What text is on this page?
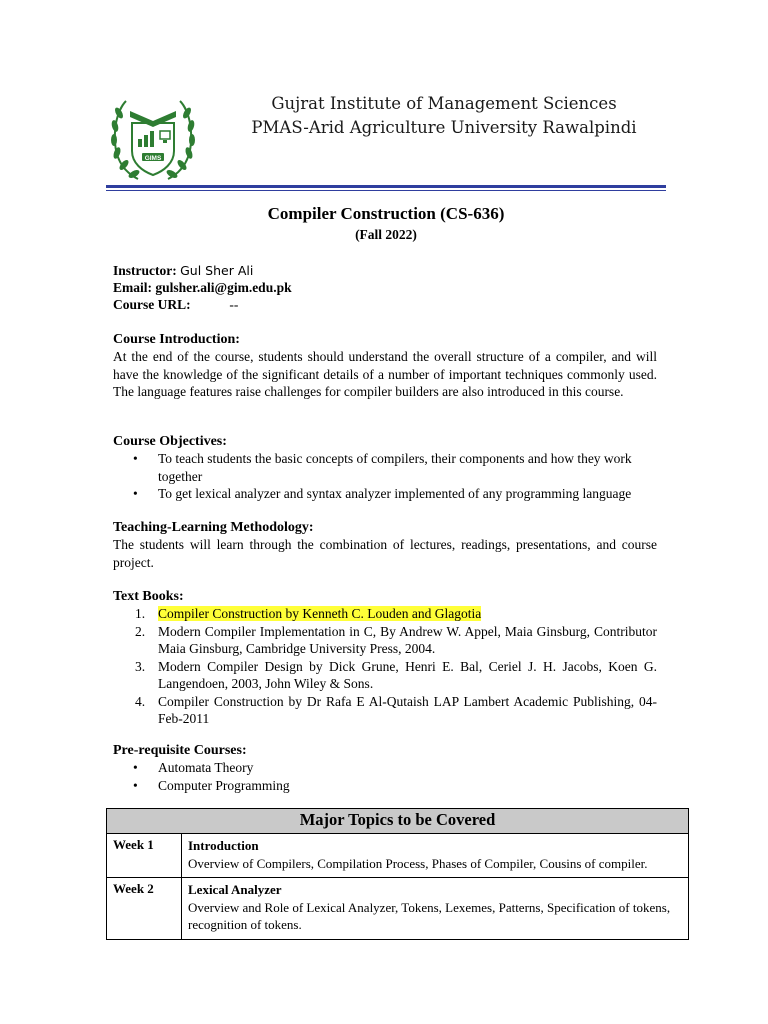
GIMS
Gujrat Institute of Management Sciences
PMAS-Arid Agriculture University Rawalpindi
Compiler Construction (CS-636)
(Fall 2022)
Instructor: Gul Sher Ali
Email: gulsher.ali@gim.edu.pk
Course URL:	--
Course Introduction:

At the end of the course, students should understand the overall structure of a compiler, and will have the knowledge of the significant details of a number of important techniques commonly used. The language features raise challenges for compiler builders are also introduced in this course.

Course Objectives:
• To teach students the basic concepts of compilers, their components and how they work together
• To get lexical analyzer and syntax analyzer implemented of any programming language
Teaching-Learning Methodology:

The students will learn through the combination of lectures, readings, presentations, and course project.

Text Books:
1. Compiler Construction by Kenneth C. Louden and Glagotia
2. Modern Compiler Implementation in C, By Andrew W. Appel, Maia Ginsburg, Contributor Maia Ginsburg, Cambridge University Press, 2004.
3. Modern Compiler Design by Dick Grune, Henri E. Bal, Ceriel J. H. Jacobs, Koen G. Langendoen, 2003, John Wiley & Sons.
4. Compiler Construction by Dr Rafa E Al-Qutaish LAP Lambert Academic Publishing, 04-Feb-2011
Pre-requisite Courses:
• Automata Theory
• Computer Programming
Major Topics to be Covered	
Week 1	Introduction
Overview of Compilers, Compilation Process, Phases of Compiler, Cousins of compiler.
Week 2	Lexical Analyzer
Overview and Role of Lexical Analyzer, Tokens, Lexemes, Patterns, Specification of tokens, recognition of tokens.
